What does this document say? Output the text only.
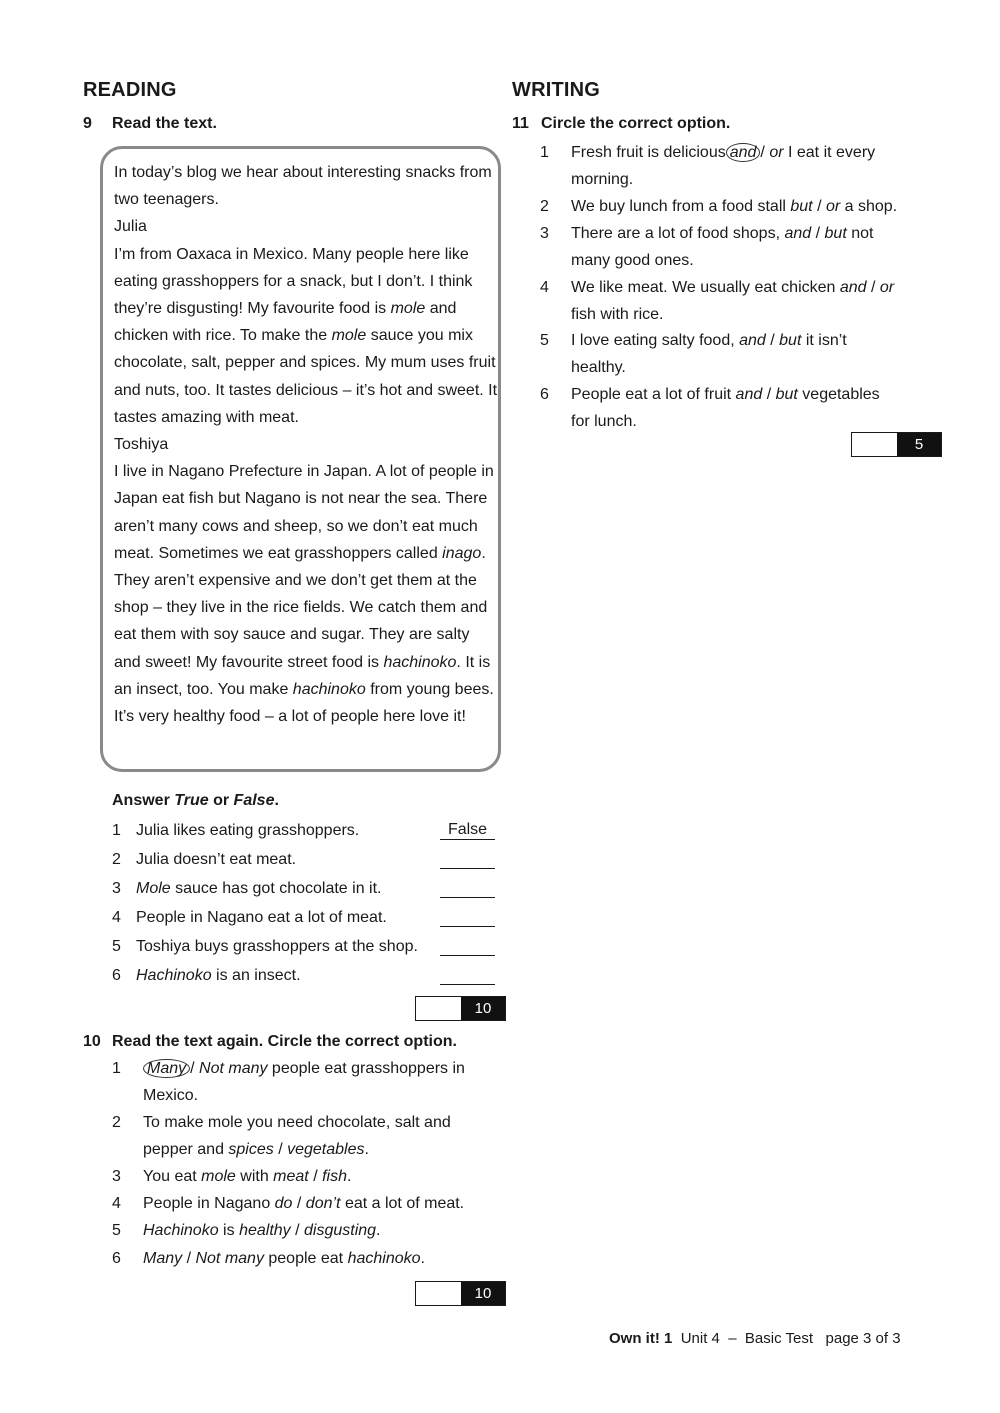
READING
9 Read the text.

In today’s blog we hear about interesting snacks from two teenagers.

Julia

I’m from Oaxaca in Mexico. Many people here like eating grasshoppers for a snack, but I don’t. I think they’re disgusting! My favourite food is mole and chicken with rice. To make the mole sauce you mix chocolate, salt, pepper and spices. My mum uses fruit and nuts, too. It tastes delicious – it’s hot and sweet. It tastes amazing with meat.

Toshiya

I live in Nagano Prefecture in Japan. A lot of people in Japan eat fish but Nagano is not near the sea. There aren’t many cows and sheep, so we don’t eat much meat. Sometimes we eat grasshoppers called inago. They aren’t expensive and we don’t get them at the shop – they live in the rice fields. We catch them and eat them with soy sauce and sugar. They are salty and sweet! My favourite street food is hachinoko. It is an insect, too. You make hachinoko from young bees. It’s very healthy food – a lot of people here love it!

Answer True or False.
1 Julia likes eating grasshoppers.	False
2 Julia doesn’t eat meat.
3 Mole sauce has got chocolate in it.
4 People in Nagano eat a lot of meat.
5 Toshiya buys grasshoppers at the shop.
6 Hachinoko is an insect.
10
10 Read the text again. Circle the correct option.
1 Many / Not many people eat grasshoppers in
Mexico.
2 To make mole you need chocolate, salt and
pepper and spices / vegetables.
3 You eat mole with meat / fish.
4 People in Nagano do / don’t eat a lot of meat.
5 Hachinoko is healthy / disgusting.
6 Many / Not many people eat hachinoko.
10
WRITING
11 Circle the correct option.
1 Fresh fruit is delicious and / or I eat it every
morning.
2 We buy lunch from a food stall but / or a shop.
3 There are a lot of food shops, and / but not
many good ones.
4 We like meat. We usually eat chicken and / or
fish with rice.
5 I love eating salty food, and / but it isn’t
healthy.
6 People eat a lot of fruit and / but vegetables
for lunch.
5
Own it! 1 Unit 4 – Basic Test page 3 of 3
